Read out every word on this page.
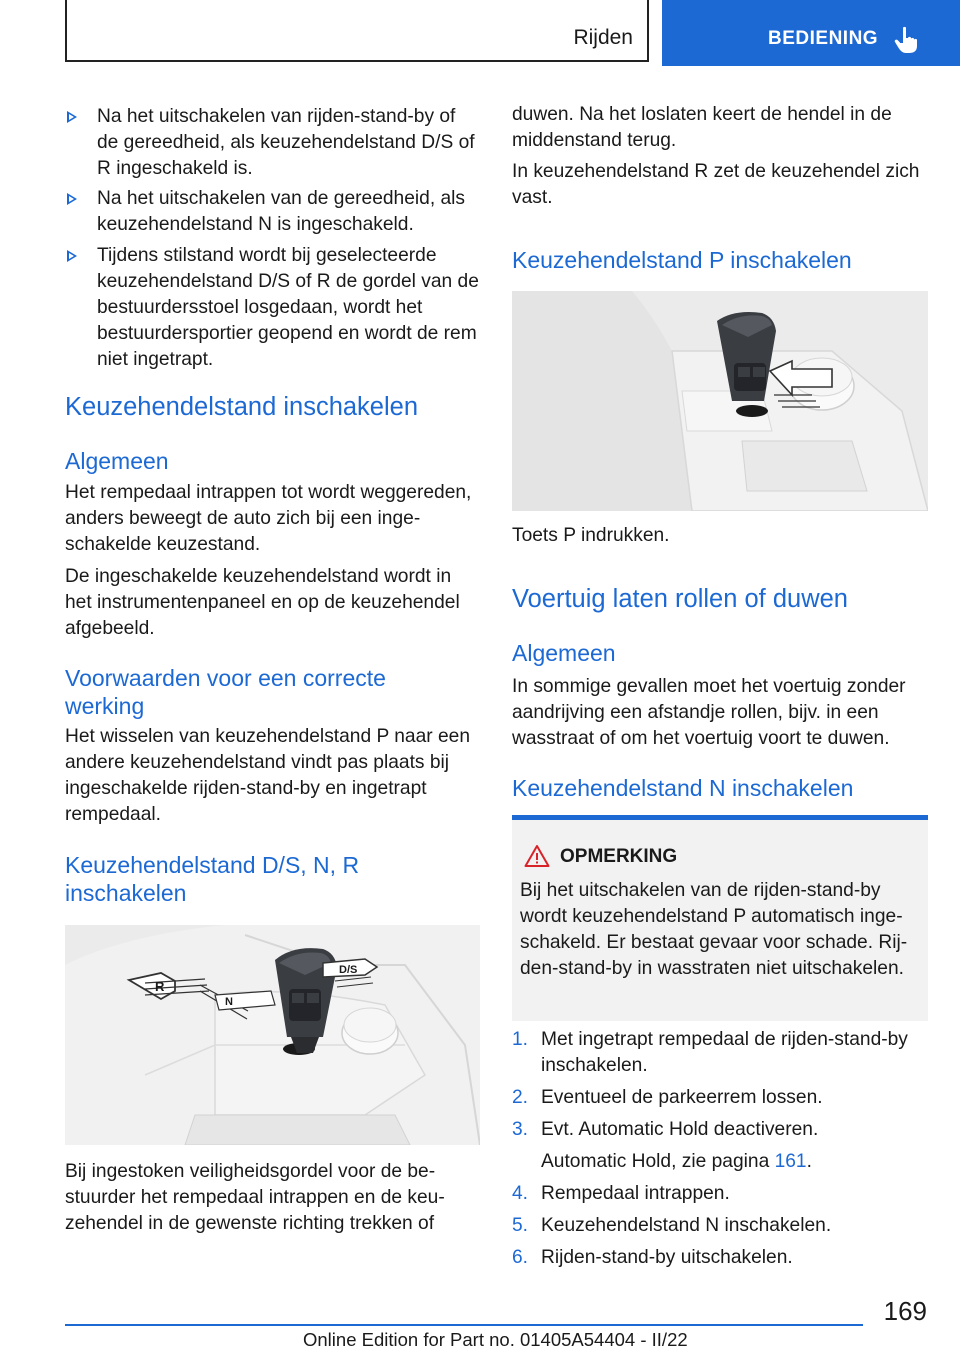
Rijden	BEDIENING
Na het uitschakelen van rijden-stand-by of de gereedheid, als keuzehendelstand D/S of R ingeschakeld is.
Na het uitschakelen van de gereedheid, als keuzehendelstand N is ingeschakeld.
Tijdens stilstand wordt bij geselecteerde keuzehendelstand D/S of R de gordel van de bestuurdersstoel losgedaan, wordt het bestuurdersportier geopend en wordt de rem niet ingetrapt.
Keuzehendelstand inschakelen
Algemeen
Het rempedaal intrappen tot wordt weggereden, anders beweegt de auto zich bij een ingeschakelde keuzestand.
De ingeschakelde keuzehendelstand wordt in het instrumentenpaneel en op de keuzehendel afgebeeld.
Voorwaarden voor een correcte werking
Het wisselen van keuzehendelstand P naar een andere keuzehendelstand vindt pas plaats bij ingeschakelde rijden-stand-by en ingetrapt rempedaal.
Keuzehendelstand D/S, N, R inschakelen
R
N
D/S
Bij ingestoken veiligheidsgordel voor de bestuurder het rempedaal intrappen en de keuzehendel in de gewenste richting trekken of
duwen. Na het loslaten keert de hendel in de middenstand terug.
In keuzehendelstand R zet de keuzehendel zich vast.
Keuzehendelstand P inschakelen
Toets P indrukken.
Voertuig laten rollen of duwen
Algemeen
In sommige gevallen moet het voertuig zonder aandrijving een afstandje rollen, bijv. in een wasstraat of om het voertuig voort te duwen.
Keuzehendelstand N inschakelen
OPMERKING
Bij het uitschakelen van de rijden-stand-by wordt keuzehendelstand P automatisch ingeschakeld. Er bestaat gevaar voor schade. Rijden-stand-by in wasstraten niet uitschakelen.
1. Met ingetrapt rempedaal de rijden-stand-by inschakelen.
2. Eventueel de parkeerrem lossen.
3. Evt. Automatic Hold deactiveren.
Automatic Hold, zie pagina 161.
4. Rempedaal intrappen.
5. Keuzehendelstand N inschakelen.
6. Rijden-stand-by uitschakelen.
169
Online Edition for Part no. 01405A54404 - II/22
